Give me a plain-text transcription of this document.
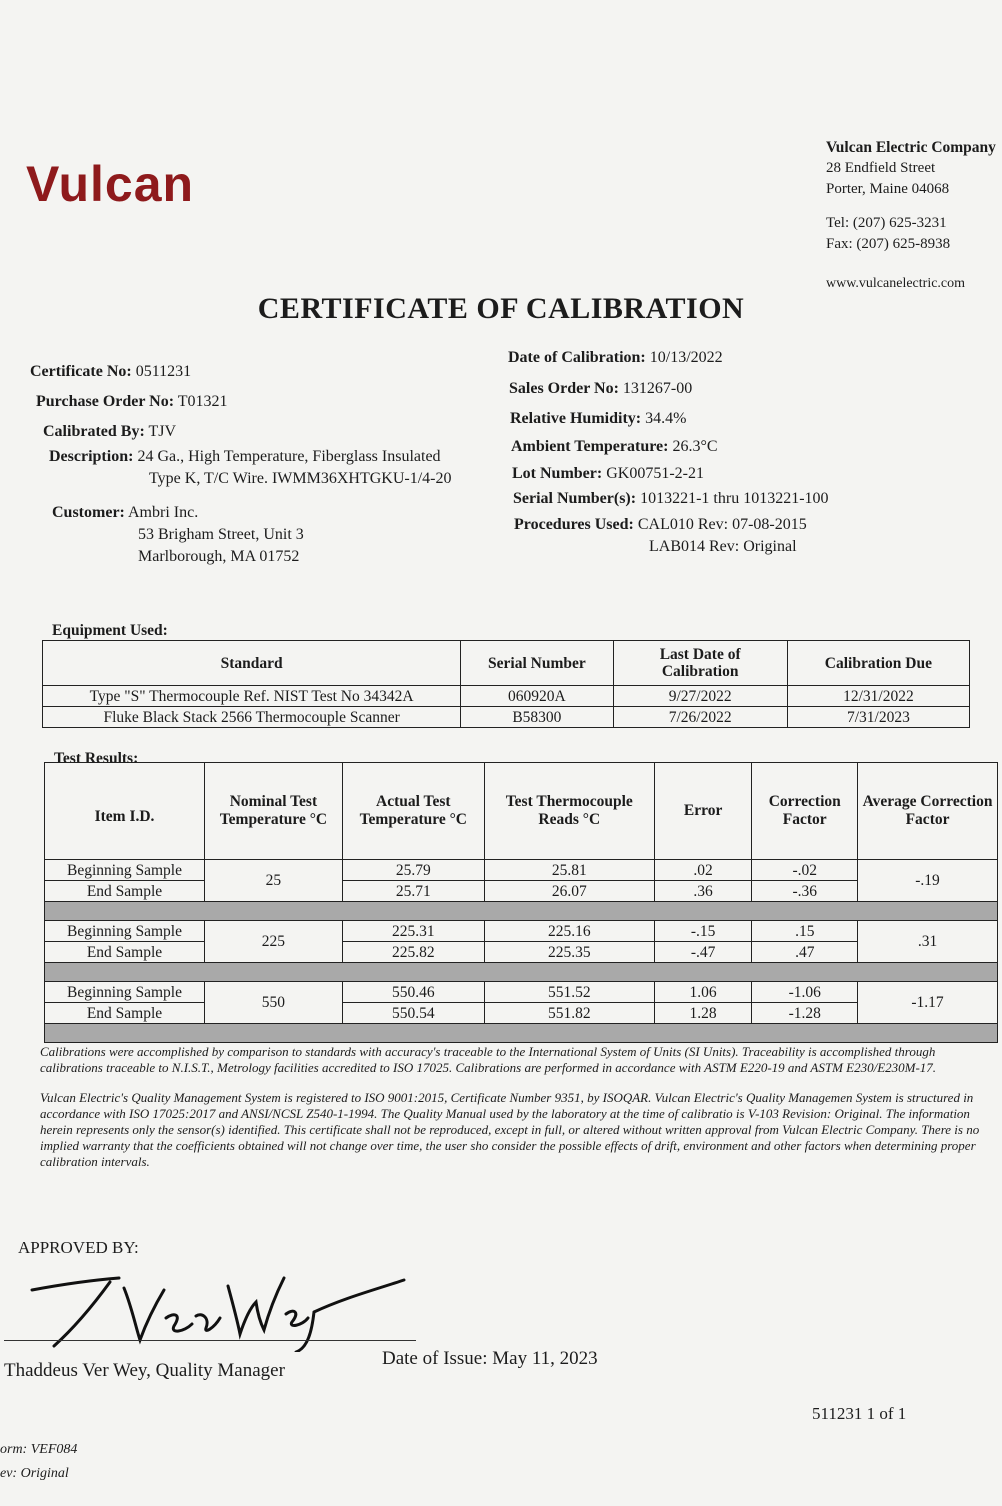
Vulcan
Vulcan Electric Company
28 Endfield Street
Porter, Maine 04068
Tel: (207) 625-3231
Fax: (207) 625-8938
www.vulcanelectric.com
CERTIFICATE OF CALIBRATION
Certificate No: 0511231
Purchase Order No: T01321
Calibrated By: TJV
Description: 24 Ga., High Temperature, Fiberglass Insulated
Type K, T/C Wire. IWMM36XHTGKU-1/4-20
Customer: Ambri Inc.
53 Brigham Street, Unit 3
Marlborough, MA 01752
Date of Calibration: 10/13/2022
Sales Order No: 131267-00
Relative Humidity: 34.4%
Ambient Temperature: 26.3°C
Lot Number: GK00751-2-21
Serial Number(s): 1013221-1 thru 1013221-100
Procedures Used: CAL010 Rev: 07-08-2015
LAB014 Rev: Original
Equipment Used:
Standard	Serial Number	Last Date of Calibration	Calibration Due
Type "S" Thermocouple Ref. NIST Test No 34342A	060920A	9/27/2022	12/31/2022
Fluke Black Stack 2566 Thermocouple Scanner	B58300	7/26/2022	7/31/2023
Test Results:
Item I.D.	Nominal Test Temperature °C	Actual Test Temperature °C	Test Thermocouple Reads °C	Error	Correction Factor	Average Correction Factor
Beginning Sample	25	25.79	25.81	.02	-.02	-.19
End Sample		25.71	26.07	.36	-.36	

Beginning Sample	225	225.31	225.16	-.15	.15	.31
End Sample		225.82	225.35	-.47	.47	

Beginning Sample	550	550.46	551.52	1.06	-1.06	-1.17
End Sample		550.54	551.82	1.28	-1.28	

Calibrations were accomplished by comparison to standards with accuracy's traceable to the International System of Units (SI Units). Traceability is accomplished through calibrations traceable to N.I.S.T., Metrology facilities accredited to ISO 17025. Calibrations are performed in accordance with ASTM E220-19 and ASTM E230/E230M-17.

Vulcan Electric's Quality Management System is registered to ISO 9001:2015, Certificate Number 9351, by ISOQAR. Vulcan Electric's Quality Managemen System is structured in accordance with ISO 17025:2017 and ANSI/NCSL Z540-1-1994. The Quality Manual used by the laboratory at the time of calibratio is V-103 Revision: Original. The information herein represents only the sensor(s) identified. This certificate shall not be reproduced, except in full, or altered without written approval from Vulcan Electric Company. There is no implied warranty that the coefficients obtained will not change over time, the user sho consider the possible effects of drift, environment and other factors when determining proper calibration intervals.

APPROVED BY:
Thaddeus Ver Wey, Quality Manager
Date of Issue: May 11, 2023
511231 1 of 1
orm: VEF084
ev: Original
